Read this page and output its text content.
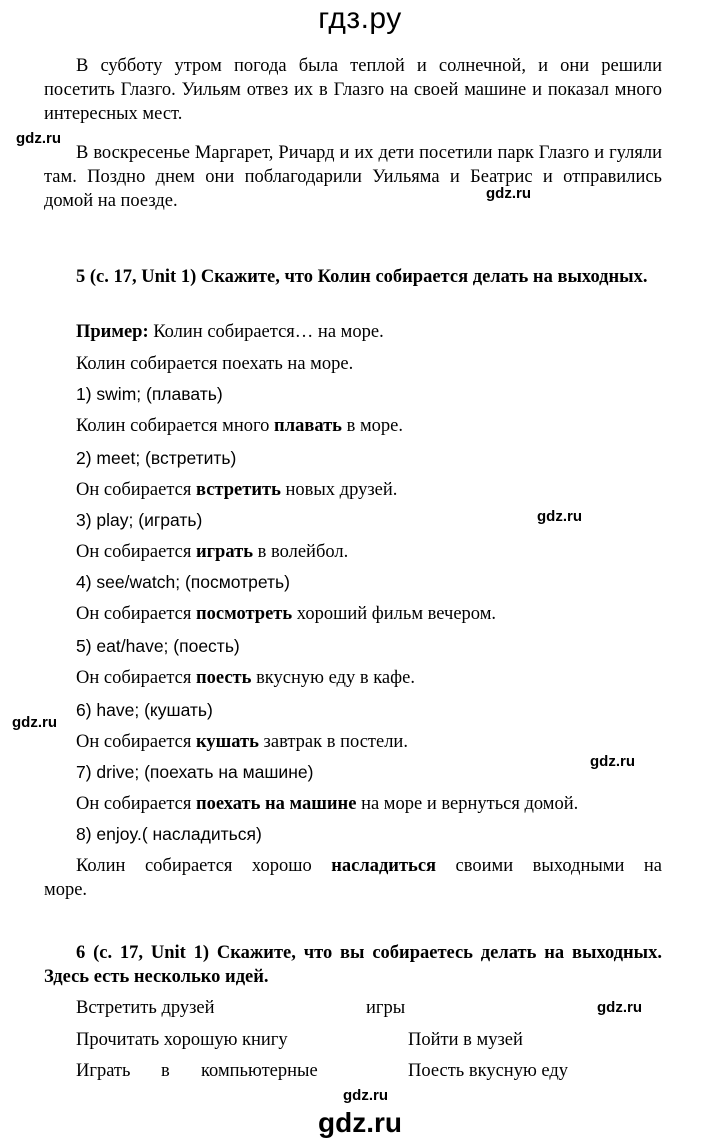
гдз.ру
В субботу утром погода была теплой и солнечной, и они решили посетить Глазго. Уильям отвез их в Глазго на своей машине и показал много интересных мест.
В воскресенье Маргарет, Ричард и их дети посетили парк Глазго и гуляли там. Поздно днем они поблагодарили Уильяма и Беатрис и отправились домой на поезде.
5 (с. 17, Unit 1) Скажите, что Колин собирается делать на выходных.
Пример: Колин собирается… на море.
Колин собирается поехать на море.
1) swim; (плавать)
Колин собирается много плавать в море.
2) meet; (встретить)
Он собирается встретить новых друзей.
3) play; (играть)
Он собирается играть в волейбол.
4) see/watch; (посмотреть)
Он собирается посмотреть хороший фильм вечером.
5) eat/have; (поесть)
Он собирается поесть вкусную еду в кафе.
6) have; (кушать)
Он собирается кушать завтрак в постели.
7) drive; (поехать на машине)
Он собирается поехать на машине на море и вернуться домой.
8) enjoy.( насладиться)
Колин собирается хорошо насладиться своими выходными на
море.
6 (с. 17, Unit 1) Скажите, что вы собираетесь делать на выходных. Здесь есть несколько идей.
Встретить друзей	игры
Прочитать хорошую книгу	Пойти в музей
Играть в компьютерные	Поесть вкусную еду
gdz.ru
gdz.ru
gdz.ru
gdz.ru
gdz.ru
gdz.ru
gdz.ru
gdz.ru
